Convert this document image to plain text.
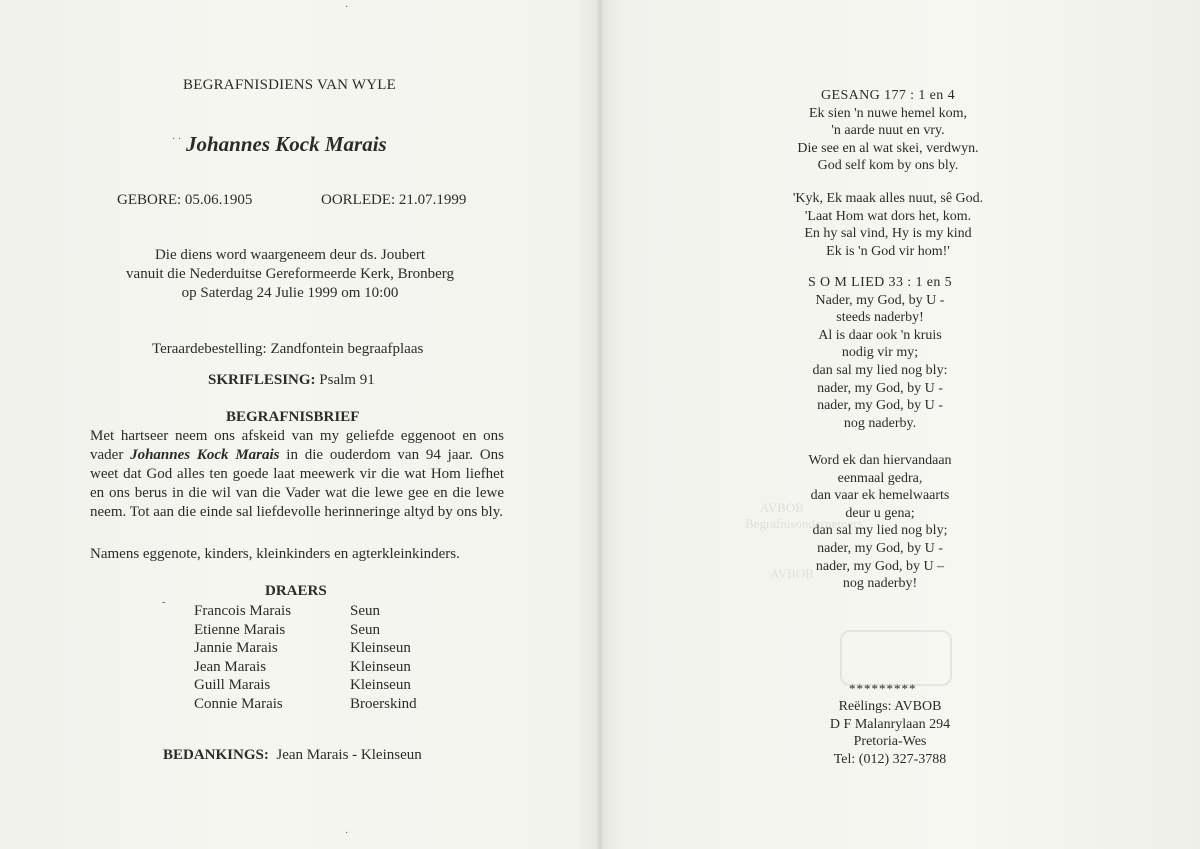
AVBOB
Begrafnisondernemers
AVBOB
·
·
· ·
-
BEGRAFNISDIENS VAN WYLE
Johannes Kock Marais
GEBORE: 05.06.1905	OORLEDE: 21.07.1999
Die diens word waargeneem deur ds. Joubert
vanuit die Nederduitse Gereformeerde Kerk, Bronberg
op Saterdag 24 Julie 1999 om 10:00
Teraardebestelling: Zandfontein begraafplaas
SKRIFLESING: Psalm 91
BEGRAFNISBRIEF
Met hartseer neem ons afskeid van my geliefde eggenoot en ons vader Johannes Kock Marais in die ouderdom van 94 jaar. Ons weet dat God alles ten goede laat meewerk vir die wat Hom liefhet en ons berus in die wil van die Vader wat die lewe gee en die lewe neem. Tot aan die einde sal liefdevolle herinneringe altyd by ons bly.
Namens eggenote, kinders, kleinkinders en agterkleinkinders.
DRAERS
Francois Marais	Seun
Etienne Marais	Seun
Jannie Marais	Kleinseun
Jean Marais	Kleinseun
Guill Marais	Kleinseun
Connie Marais	Broerskind
BEDANKINGS: Jean Marais - Kleinseun
GESANG 177 : 1 en 4
Ek sien 'n nuwe hemel kom,
'n aarde nuut en vry.
Die see en al wat skei, verdwyn.
God self kom by ons bly.
'Kyk, Ek maak alles nuut, sê God.
'Laat Hom wat dors het, kom.
En hy sal vind, Hy is my kind
Ek is 'n God vir hom!'
S O M LIED 33 : 1 en 5
Nader, my God, by U -
steeds naderby!
Al is daar ook 'n kruis
nodig vir my;
dan sal my lied nog bly:
nader, my God, by U -
nader, my God, by U -
nog naderby.
Word ek dan hiervandaan
eenmaal gedra,
dan vaar ek hemelwaarts
deur u gena;
dan sal my lied nog bly;
nader, my God, by U -
nader, my God, by U –
nog naderby!
*********
Reëlings: AVBOB
D F Malanrylaan 294
Pretoria-Wes
Tel: (012) 327-3788
